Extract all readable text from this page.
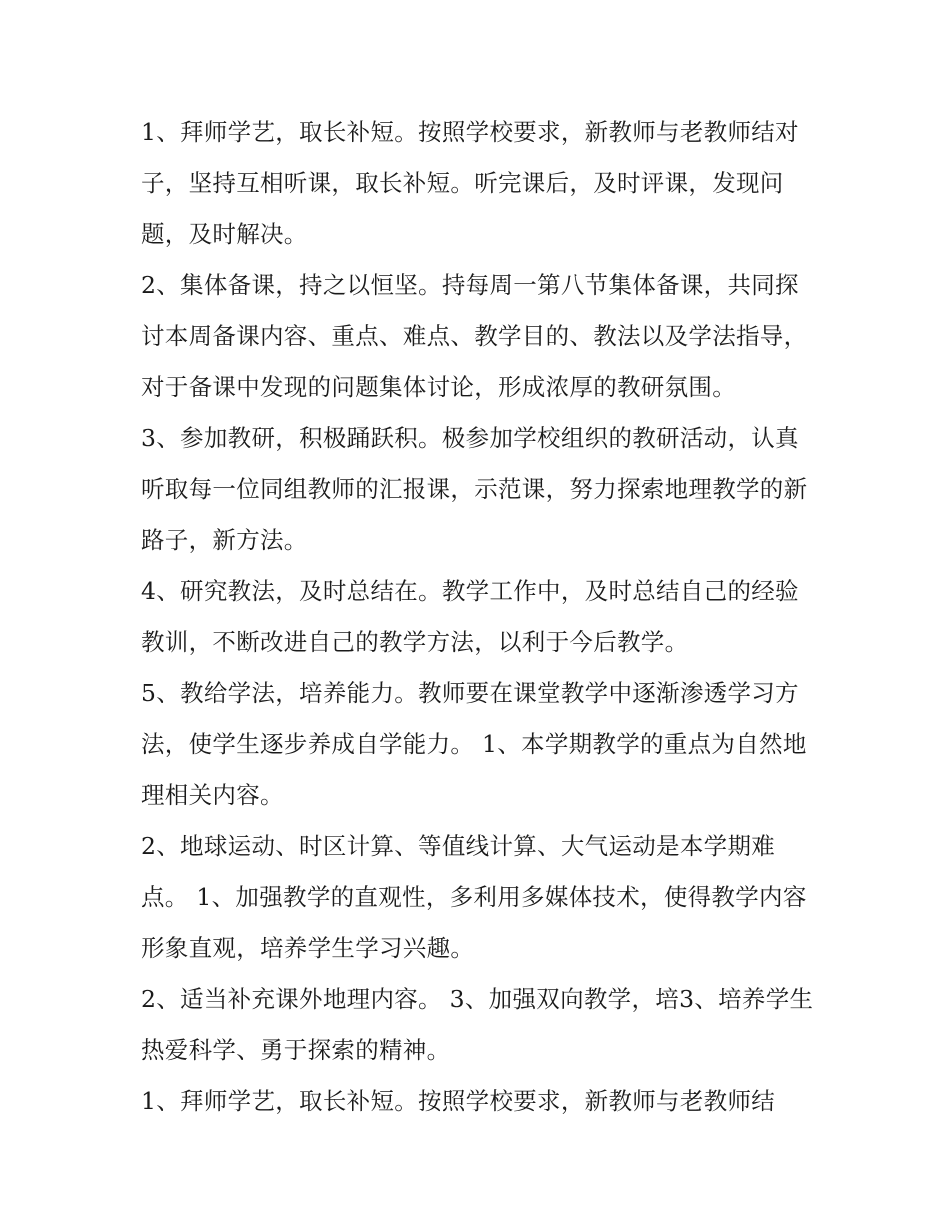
1、拜师学艺，取长补短。按照学校要求，新教师与老教师结对子，坚持互相听课，取长补短。听完课后，及时评课，发现问题，及时解决。

2、集体备课，持之以恒坚。持每周一第八节集体备课，共同探讨本周备课内容、重点、难点、教学目的、教法以及学法指导，对于备课中发现的问题集体讨论，形成浓厚的教研氛围。

3、参加教研，积极踊跃积。极参加学校组织的教研活动，认真听取每一位同组教师的汇报课，示范课，努力探索地理教学的新路子，新方法。

4、研究教法，及时总结在。教学工作中，及时总结自己的经验教训，不断改进自己的教学方法，以利于今后教学。

5、教给学法，培养能力。教师要在课堂教学中逐渐渗透学习方法，使学生逐步养成自学能力。 1、本学期教学的重点为自然地理相关内容。

2、地球运动、时区计算、等值线计算、大气运动是本学期难点。 1、加强教学的直观性，多利用多媒体技术，使得教学内容形象直观，培养学生学习兴趣。

2、适当补充课外地理内容。 3、加强双向教学，培3、培养学生热爱科学、勇于探索的精神。

1、拜师学艺，取长补短。按照学校要求，新教师与老教师结
